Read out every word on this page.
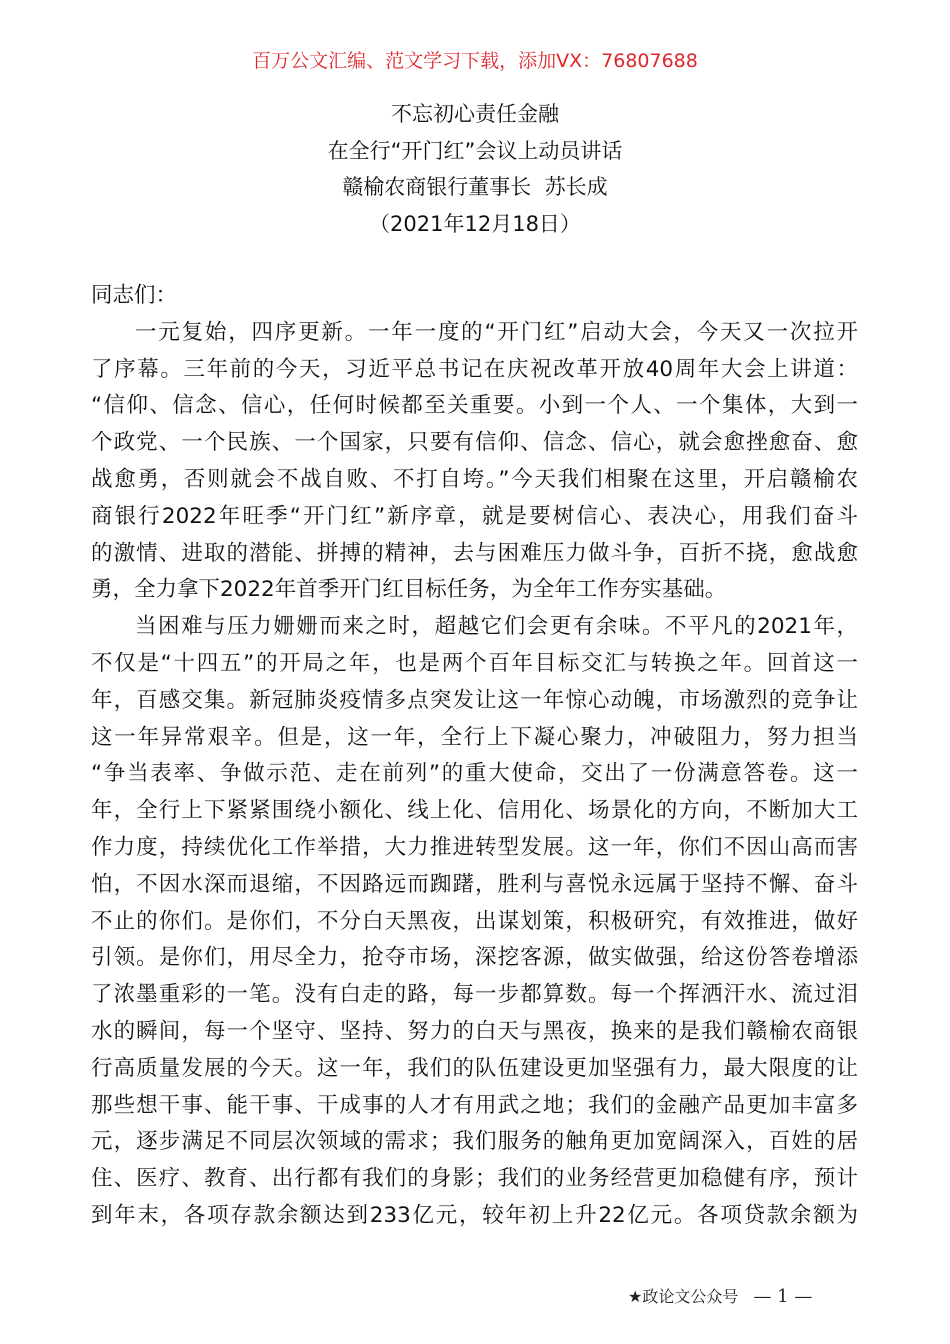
百万公文汇编、范文学习下载，添加VX：76807688
不忘初心责任金融
在全行“开门红”会议上动员讲话
赣榆农商银行董事长  苏长成
（2021年12月18日）
同志们：
一元复始，四序更新。一年一度的“开门红”启动大会，今天又一次拉开
了序幕。三年前的今天，习近平总书记在庆祝改革开放40周年大会上讲道：
“信仰、信念、信心，任何时候都至关重要。小到一个人、一个集体，大到一
个政党、一个民族、一个国家，只要有信仰、信念、信心，就会愈挫愈奋、愈
战愈勇，否则就会不战自败、不打自垮。”今天我们相聚在这里，开启赣榆农
商银行2022年旺季“开门红”新序章，就是要树信心、表决心，用我们奋斗
的激情、进取的潜能、拼搏的精神，去与困难压力做斗争，百折不挠，愈战愈
勇，全力拿下2022年首季开门红目标任务，为全年工作夯实基础。
当困难与压力姗姗而来之时，超越它们会更有余味。不平凡的2021年，
不仅是“十四五”的开局之年，也是两个百年目标交汇与转换之年。回首这一
年，百感交集。新冠肺炎疫情多点突发让这一年惊心动魄，市场激烈的竞争让
这一年异常艰辛。但是，这一年，全行上下凝心聚力，冲破阻力，努力担当
“争当表率、争做示范、走在前列”的重大使命，交出了一份满意答卷。这一
年，全行上下紧紧围绕小额化、线上化、信用化、场景化的方向，不断加大工
作力度，持续优化工作举措，大力推进转型发展。这一年，你们不因山高而害
怕，不因水深而退缩，不因路远而踟躇，胜利与喜悦永远属于坚持不懈、奋斗
不止的你们。是你们，不分白天黑夜，出谋划策，积极研究，有效推进，做好
引领。是你们，用尽全力，抢夺市场，深挖客源，做实做强，给这份答卷增添
了浓墨重彩的一笔。没有白走的路，每一步都算数。每一个挥洒汗水、流过泪
水的瞬间，每一个坚守、坚持、努力的白天与黑夜，换来的是我们赣榆农商银
行高质量发展的今天。这一年，我们的队伍建设更加坚强有力，最大限度的让
那些想干事、能干事、干成事的人才有用武之地；我们的金融产品更加丰富多
元，逐步满足不同层次领域的需求；我们服务的触角更加宽阔深入，百姓的居
住、医疗、教育、出行都有我们的身影；我们的业务经营更加稳健有序，预计
到年末，各项存款余额达到233亿元，较年初上升22亿元。各项贷款余额为
★政论文公众号 — 1 —
